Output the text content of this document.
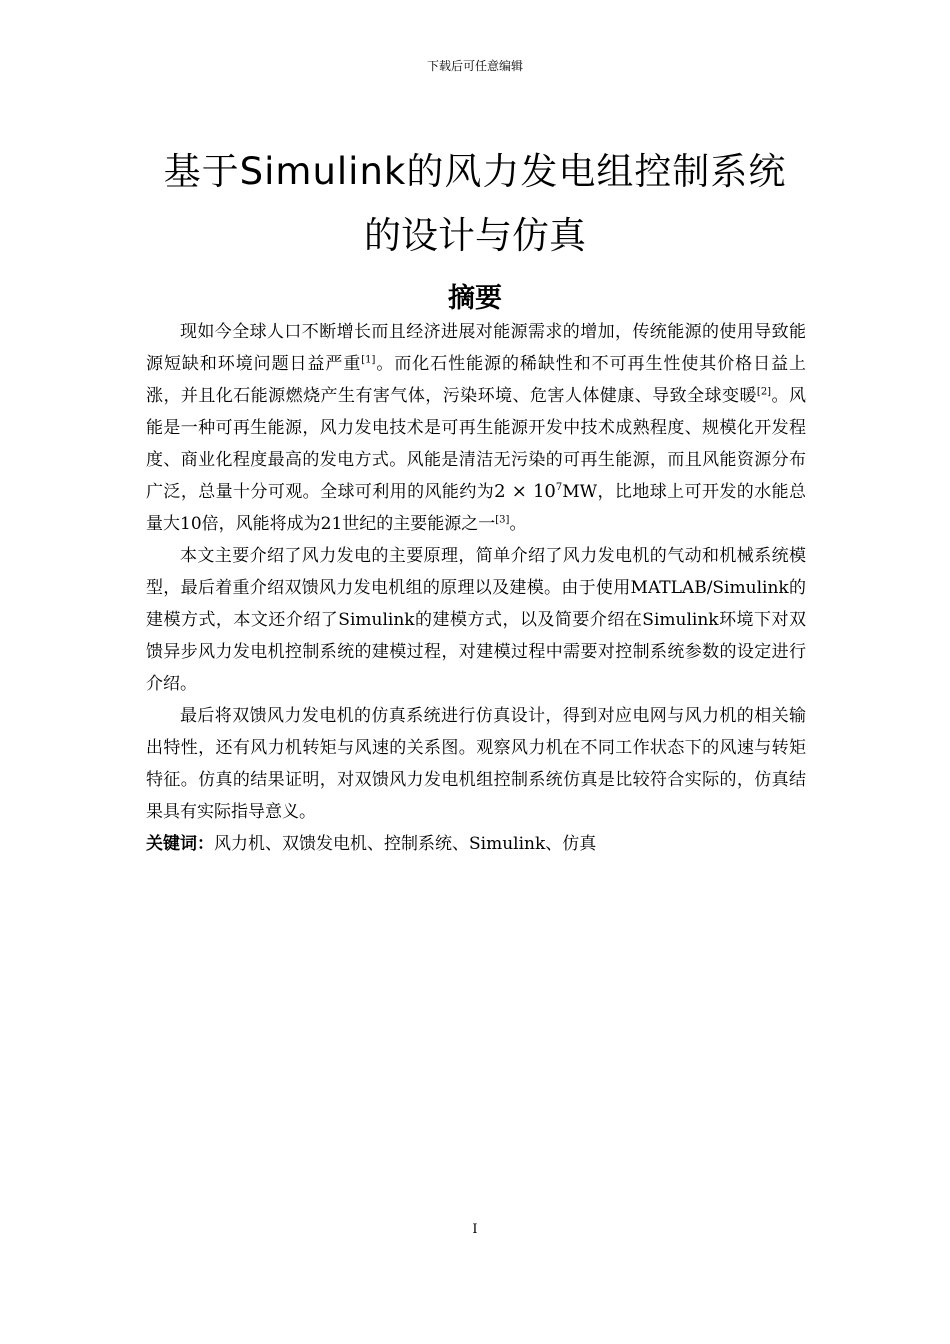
下载后可任意编辑
基于Simulink的风力发电组控制系统
的设计与仿真
摘要

现如今全球人口不断增长而且经济进展对能源需求的增加，传统能源的使用导致能源短缺和环境问题日益严重[1]。而化石性能源的稀缺性和不可再生性使其价格日益上涨，并且化石能源燃烧产生有害气体，污染环境、危害人体健康、导致全球变暖[2]。风能是一种可再生能源，风力发电技术是可再生能源开发中技术成熟程度、规模化开发程度、商业化程度最高的发电方式。风能是清洁无污染的可再生能源，而且风能资源分布广泛，总量十分可观。全球可利用的风能约为$2 \times 10^7MW$，比地球上可开发的水能总量大10倍，风能将成为21世纪的主要能源之一[3]。

本文主要介绍了风力发电的主要原理，简单介绍了风力发电机的气动和机械系统模型，最后着重介绍双馈风力发电机组的原理以及建模。由于使用MATLAB/Simulink的建模方式，本文还介绍了Simulink的建模方式，以及简要介绍在Simulink环境下对双馈异步风力发电机控制系统的建模过程，对建模过程中需要对控制系统参数的设定进行介绍。

最后将双馈风力发电机的仿真系统进行仿真设计，得到对应电网与风力机的相关输出特性，还有风力机转矩与风速的关系图。观察风力机在不同工作状态下的风速与转矩特征。仿真的结果证明，对双馈风力发电机组控制系统仿真是比较符合实际的，仿真结果具有实际指导意义。

关键词：风力机、双馈发电机、控制系统、Simulink、仿真

I
